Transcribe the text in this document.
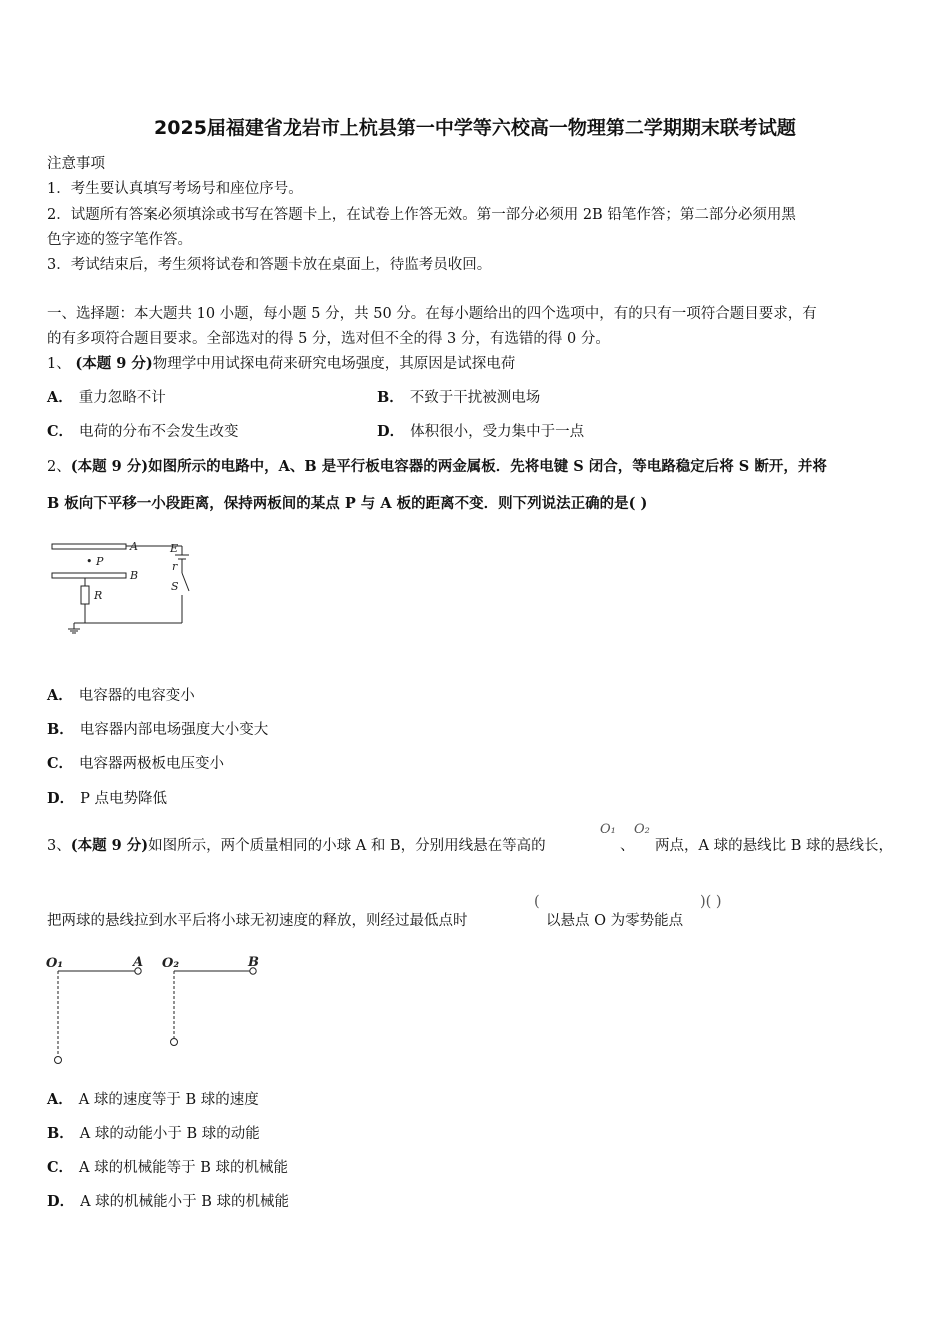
2025届福建省龙岩市上杭县第一中学等六校高一物理第二学期期末联考试题
注意事项
1．考生要认真填写考场号和座位序号。
2．试题所有答案必须填涂或书写在答题卡上，在试卷上作答无效。第一部分必须用 2B 铅笔作答；第二部分必须用黑
色字迹的签字笔作答。
3．考试结束后，考生须将试卷和答题卡放在桌面上，待监考员收回。
一、选择题：本大题共 10 小题，每小题 5 分，共 50 分。在每小题给出的四个选项中，有的只有一项符合题目要求，有
的有多项符合题目要求。全部选对的得 5 分，选对但不全的得 3 分，有选错的得 0 分。
1、 (本题 9 分)物理学中用试探电荷来研究电场强度，其原因是试探电荷
A． 重力忽略不计	B． 不致于干扰被测电场
C． 电荷的分布不会发生改变	D． 体积很小，受力集中于一点
2、(本题 9 分)如图所示的电路中，A、B 是平行板电容器的两金属板．先将电键 S 闭合，等电路稳定后将 S 断开，并将
B 板向下平移一小段距离，保持两板间的某点 P 与 A 板的距离不变．则下列说法正确的是( )
A
B
• P
R
E
r
S
A． 电容器的电容变小
B． 电容器内部电场强度大小变大
C． 电容器两极板电压变小
D． P 点电势降低
3、(本题 9 分)如图所示，两个质量相同的小球 A 和 B，分别用线悬在等高的
O₁
、
O₂
两点，A 球的悬线比 B 球的悬线长，
把两球的悬线拉到水平后将小球无初速度的释放，则经过最低点时
(
以悬点 O 为零势能点
)( )
O₁	A O₂	B
A． A 球的速度等于 B 球的速度
B． A 球的动能小于 B 球的动能
C． A 球的机械能等于 B 球的机械能
D． A 球的机械能小于 B 球的机械能
